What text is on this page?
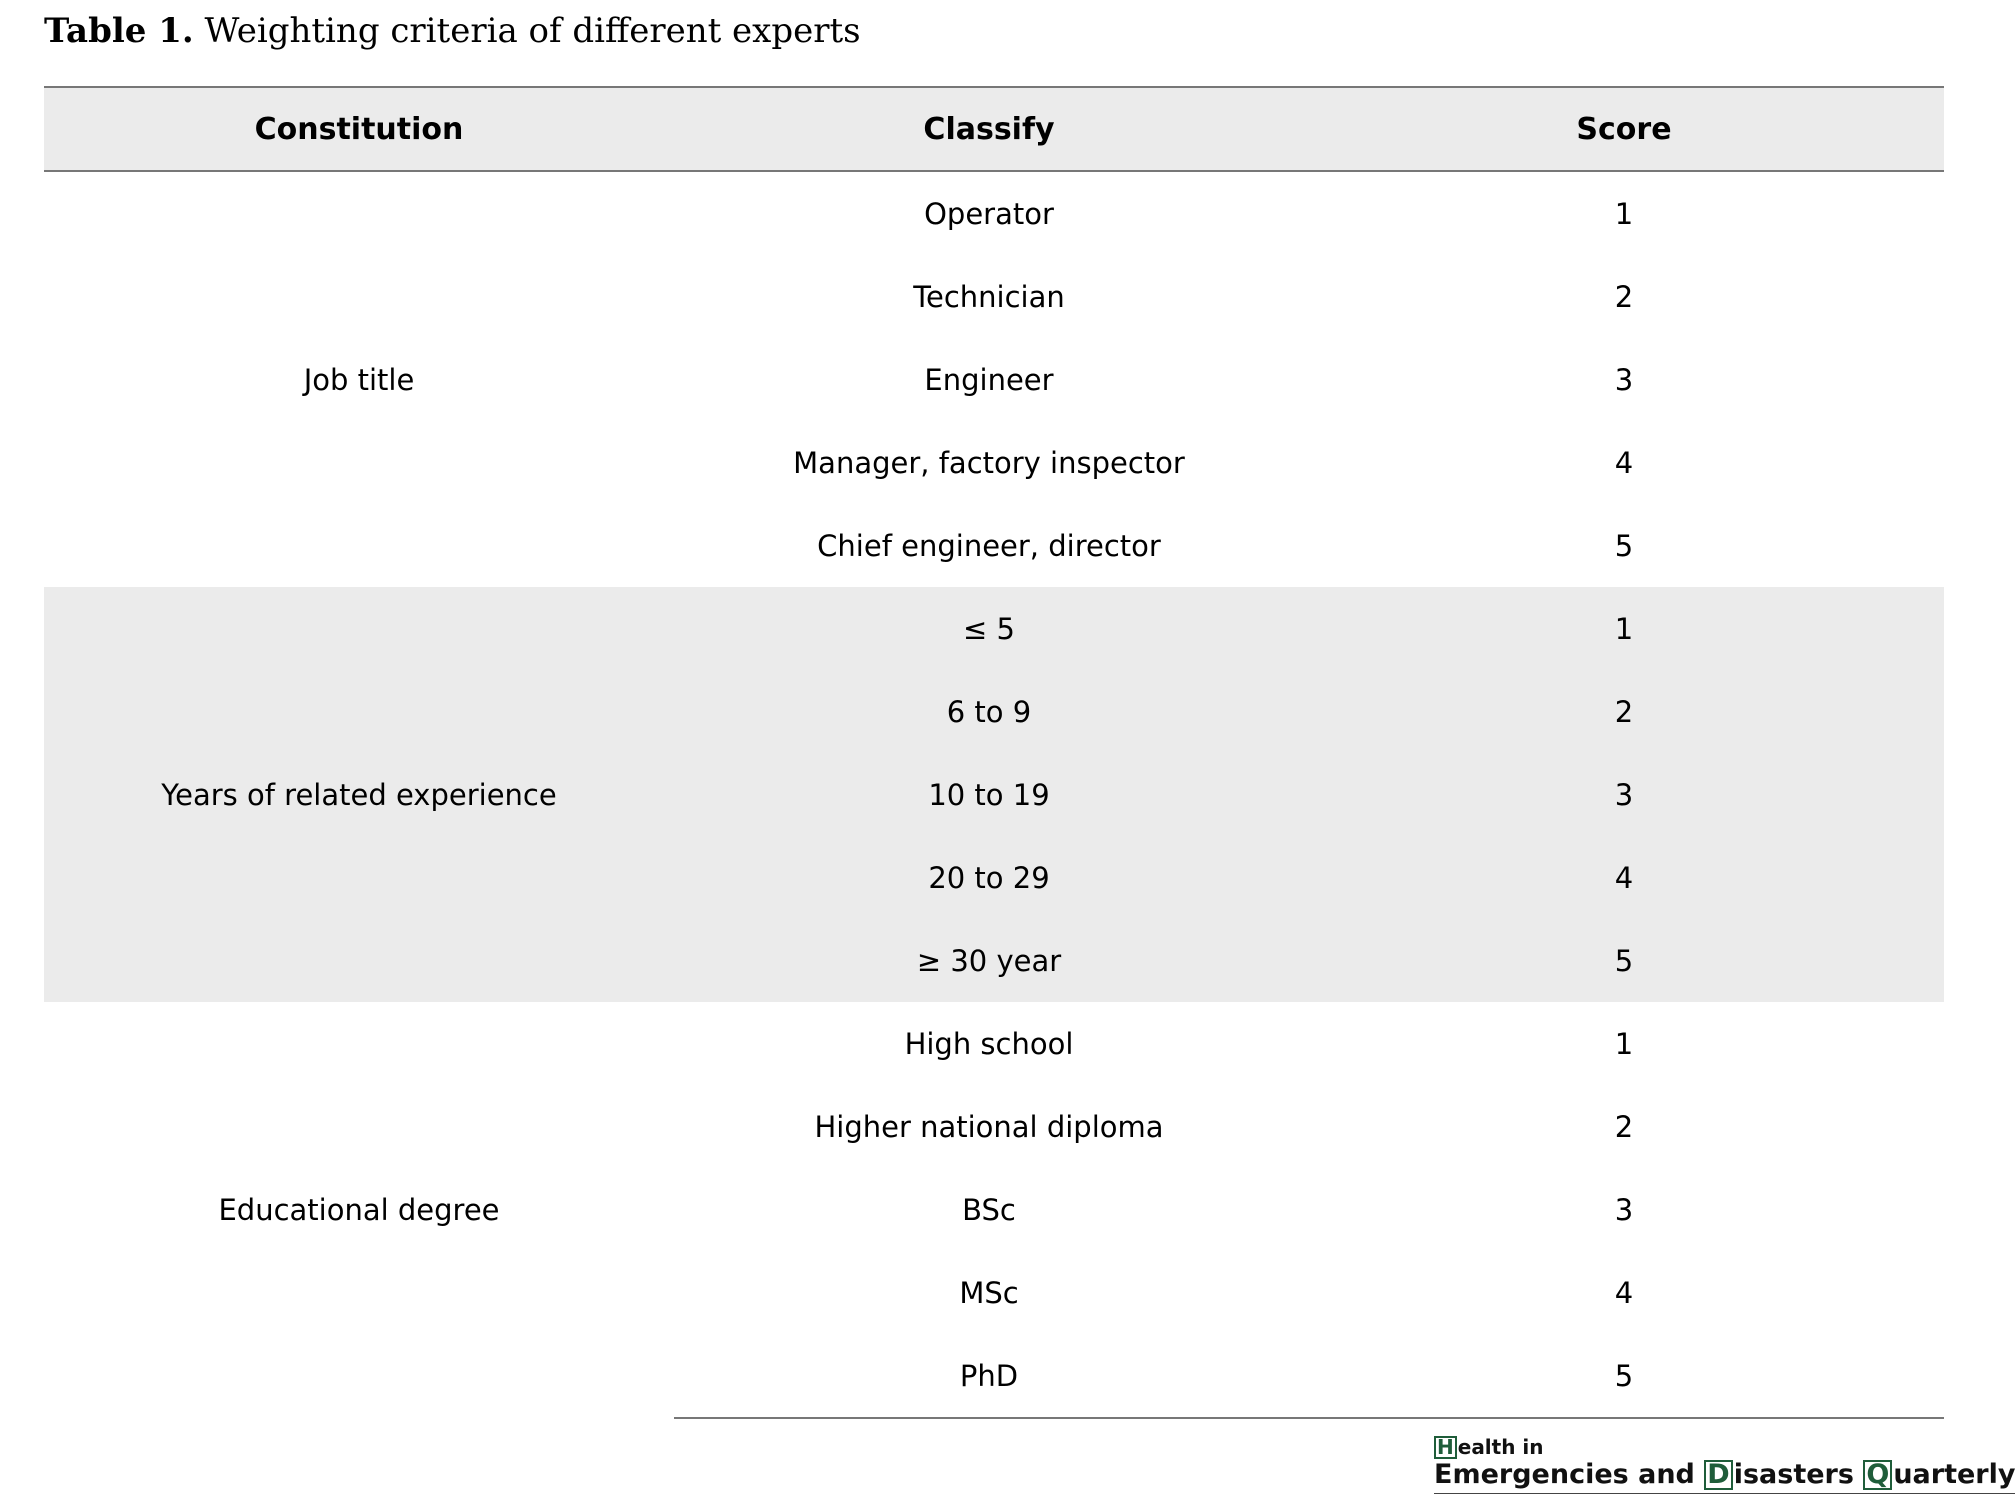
Table 1. Weighting criteria of different experts
Constitution	Classify	Score
Job title	Operator	1
	Technician	2
	Engineer	3
	Manager, factory inspector	4
	Chief engineer, director	5
Years of related experience	≤ 5	1
	6 to 9	2
	10 to 19	3
	20 to 29	4
	≥ 30 year	5
Educational degree	High school	1
	Higher national diploma	2
	BSc	3
	MSc	4
	PhD	5
H ealth in
Emergencies and D isasters Q uarterly
